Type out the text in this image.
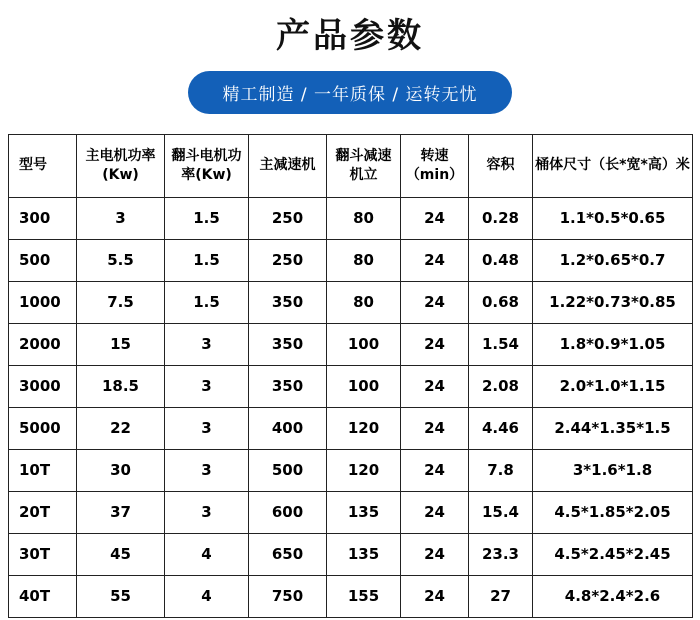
产品参数
精工制造 / 一年质保 / 运转无忧
型号	主电机功率(Kw)	翻斗电机功率(Kw)	主减速机	翻斗减速机立	转速（min）	容积	桶体尺寸（长*宽*高）米
300	3	1.5	250	80	24	0.28	1.1*0.5*0.65
500	5.5	1.5	250	80	24	0.48	1.2*0.65*0.7
1000	7.5	1.5	350	80	24	0.68	1.22*0.73*0.85
2000	15	3	350	100	24	1.54	1.8*0.9*1.05
3000	18.5	3	350	100	24	2.08	2.0*1.0*1.15
5000	22	3	400	120	24	4.46	2.44*1.35*1.5
10T	30	3	500	120	24	7.8	3*1.6*1.8
20T	37	3	600	135	24	15.4	4.5*1.85*2.05
30T	45	4	650	135	24	23.3	4.5*2.45*2.45
40T	55	4	750	155	24	27	4.8*2.4*2.6
